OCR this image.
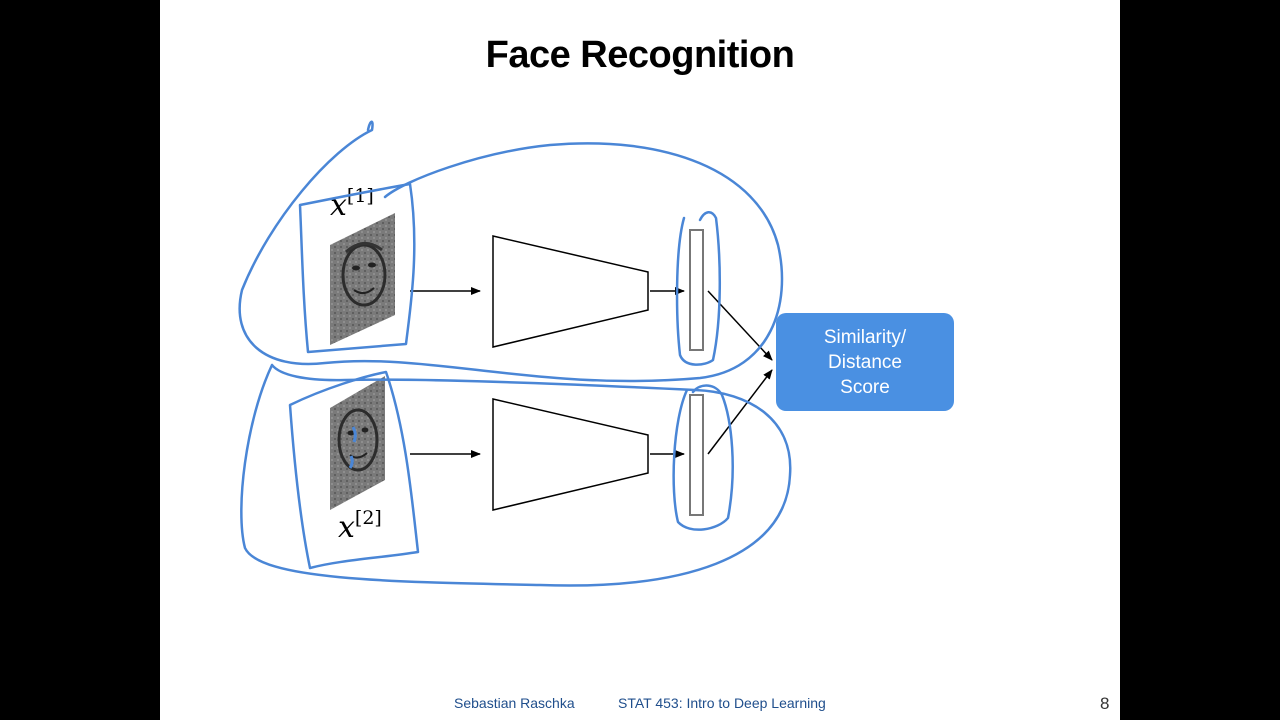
Face Recognition
x[1]
x[2]
Similarity/
Distance
Score
Sebastian Raschka	STAT 453: Intro to Deep Learning	8
